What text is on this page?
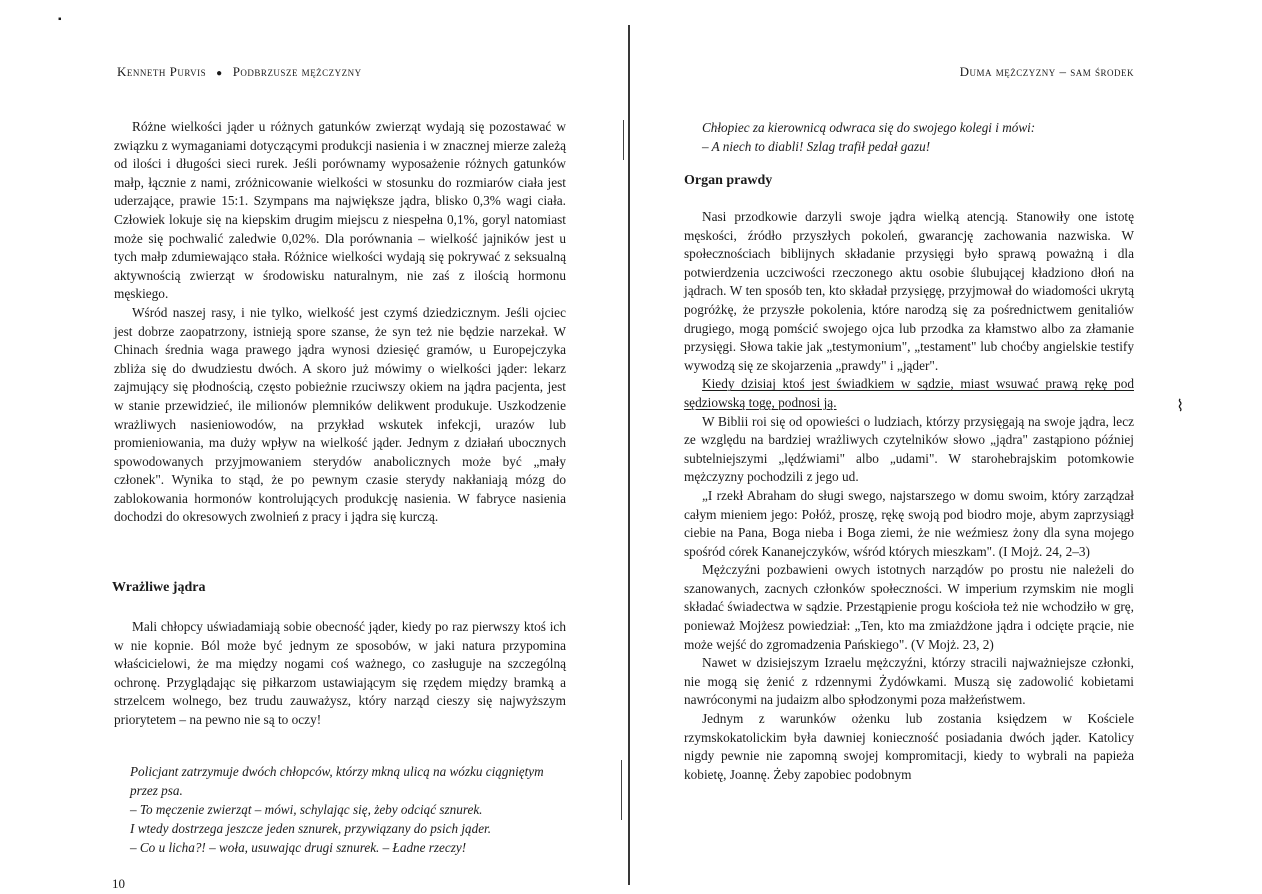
▪
Kenneth Purvis ● Podbrzusze mężczyzny

Różne wielkości jąder u różnych gatunków zwierząt wydają się pozostawać w związku z wymaganiami dotyczącymi produkcji nasienia i w znacznej mierze zależą od ilości i długości sieci rurek. Jeśli porównamy wyposażenie różnych gatunków małp, łącznie z nami, zróżnicowanie wielkości w stosunku do rozmiarów ciała jest uderzające, prawie 15:1. Szympans ma największe jądra, blisko 0,3% wagi ciała. Człowiek lokuje się na kiepskim drugim miejscu z niespełna 0,1%, goryl natomiast może się pochwalić zaledwie 0,02%. Dla porównania – wielkość jajników jest u tych małp zdumiewająco stała. Różnice wielkości wydają się pokrywać z seksualną aktywnością zwierząt w środowisku naturalnym, nie zaś z ilością hormonu męskiego.

Wśród naszej rasy, i nie tylko, wielkość jest czymś dziedzicznym. Jeśli ojciec jest dobrze zaopatrzony, istnieją spore szanse, że syn też nie będzie narzekał. W Chinach średnia waga prawego jądra wynosi dziesięć gramów, u Europejczyka zbliża się do dwudziestu dwóch. A skoro już mówimy o wielkości jąder: lekarz zajmujący się płodnością, często pobieżnie rzuciwszy okiem na jądra pacjenta, jest w stanie przewidzieć, ile milionów plemników delikwent produkuje. Uszkodzenie wrażliwych nasieniowodów, na przykład wskutek infekcji, urazów lub promieniowania, ma duży wpływ na wielkość jąder. Jednym z działań ubocznych spowodowanych przyjmowaniem sterydów anabolicznych może być „mały członek". Wynika to stąd, że po pewnym czasie sterydy nakłaniają mózg do zablokowania hormonów kontrolujących produkcję nasienia. W fabryce nasienia dochodzi do okresowych zwolnień z pracy i jądra się kurczą.

Wrażliwe jądra

Mali chłopcy uświadamiają sobie obecność jąder, kiedy po raz pierwszy ktoś ich w nie kopnie. Ból może być jednym ze sposobów, w jaki natura przypomina właścicielowi, że ma między nogami coś ważnego, co zasługuje na szczególną ochronę. Przyglądając się piłkarzom ustawiającym się rzędem między bramką a strzelcem wolnego, bez trudu zauważysz, który narząd cieszy się najwyższym priorytetem – na pewno nie są to oczy!

Policjant zatrzymuje dwóch chłopców, którzy mkną ulicą na wózku ciągniętym przez psa.
– To męczenie zwierząt – mówi, schylając się, żeby odciąć sznurek.
I wtedy dostrzega jeszcze jeden sznurek, przywiązany do psich jąder.
– Co u licha?! – woła, usuwając drugi sznurek. – Ładne rzeczy!
10
Duma mężczyzny – sam środek
Chłopiec za kierownicą odwraca się do swojego kolegi i mówi:
– A niech to diabli! Szlag trafił pedał gazu!
Organ prawdy

Nasi przodkowie darzyli swoje jądra wielką atencją. Stanowiły one istotę męskości, źródło przyszłych pokoleń, gwarancję zachowania nazwiska. W społecznościach biblijnych składanie przysięgi było sprawą poważną i dla potwierdzenia uczciwości rzeczonego aktu osobie ślubującej kładziono dłoń na jądrach. W ten sposób ten, kto składał przysięgę, przyjmował do wiadomości ukrytą pogróżkę, że przyszłe pokolenia, które narodzą się za pośrednictwem genitaliów drugiego, mogą pomścić swojego ojca lub przodka za kłamstwo albo za złamanie przysięgi. Słowa takie jak „testymonium", „testament" lub choćby angielskie testify wywodzą się ze skojarzenia „prawdy" i „jąder".

Kiedy dzisiaj ktoś jest świadkiem w sądzie, miast wsuwać prawą rękę pod sędziowską togę, podnosi ją.

W Biblii roi się od opowieści o ludziach, którzy przysięgają na swoje jądra, lecz ze względu na bardziej wrażliwych czytelników słowo „jądra" zastąpiono później subtelniejszymi „lędźwiami" albo „udami". W starohebrajskim potomkowie mężczyzny pochodzili z jego ud.

„I rzekł Abraham do sługi swego, najstarszego w domu swoim, który zarządzał całym mieniem jego: Połóż, proszę, rękę swoją pod biodro moje, abym zaprzysiągł ciebie na Pana, Boga nieba i Boga ziemi, że nie weźmiesz żony dla syna mojego spośród córek Kananejczyków, wśród których mieszkam". (I Mojż. 24, 2–3)

Mężczyźni pozbawieni owych istotnych narządów po prostu nie należeli do szanowanych, zacnych członków społeczności. W imperium rzymskim nie mogli składać świadectwa w sądzie. Przestąpienie progu kościoła też nie wchodziło w grę, ponieważ Mojżesz powiedział: „Ten, kto ma zmiażdżone jądra i odcięte prącie, nie może wejść do zgromadzenia Pańskiego". (V Mojż. 23, 2)

Nawet w dzisiejszym Izraelu mężczyźni, którzy stracili najważniejsze członki, nie mogą się żenić z rdzennymi Żydówkami. Muszą się zadowolić kobietami nawróconymi na judaizm albo spłodzonymi poza małżeństwem.

Jednym z warunków ożenku lub zostania księdzem w Kościele rzymskokatolickim była dawniej konieczność posiadania dwóch jąder. Katolicy nigdy pewnie nie zapomną swojej kompromitacji, kiedy to wybrali na papieża kobietę, Joannę. Żeby zapobiec podobnym

⌇
